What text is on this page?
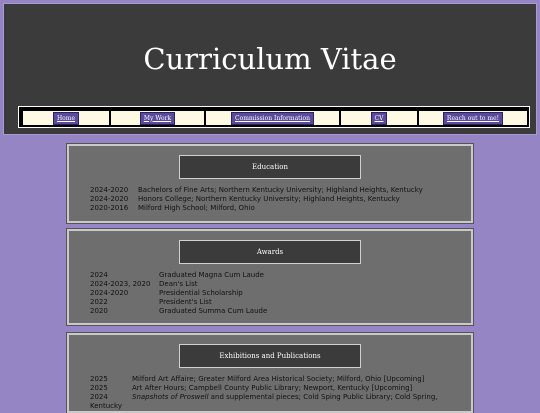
Curriculum Vitae
Home	My Work	Commission Information	CV	Reach out to me!
Education
2024-2020	Bachelors of Fine Arts; Northern Kentucky University; Highland Heights, Kentucky
2024-2020	Honors College; Northern Kentucky University; Highland Heights, Kentucky
2020-2016	Milford High School; Milford, Ohio
Awards
2024	Graduated Magna Cum Laude
2024-2023, 2020	Dean's List
2024-2020	Presidential Scholarship
2022	President's List
2020	Graduated Summa Cum Laude
Exhibitions and Publications
2025	Milford Art Affaire; Greater Milford Area Historical Society; Milford, Ohio [Upcoming]
2025	Art After Hours; Campbell County Public Library; Newport, Kentucky [Upcoming]
2024	Snapshots of Proswell and supplemental pieces; Cold Sping Public Library; Cold Spring,
Kentucky
